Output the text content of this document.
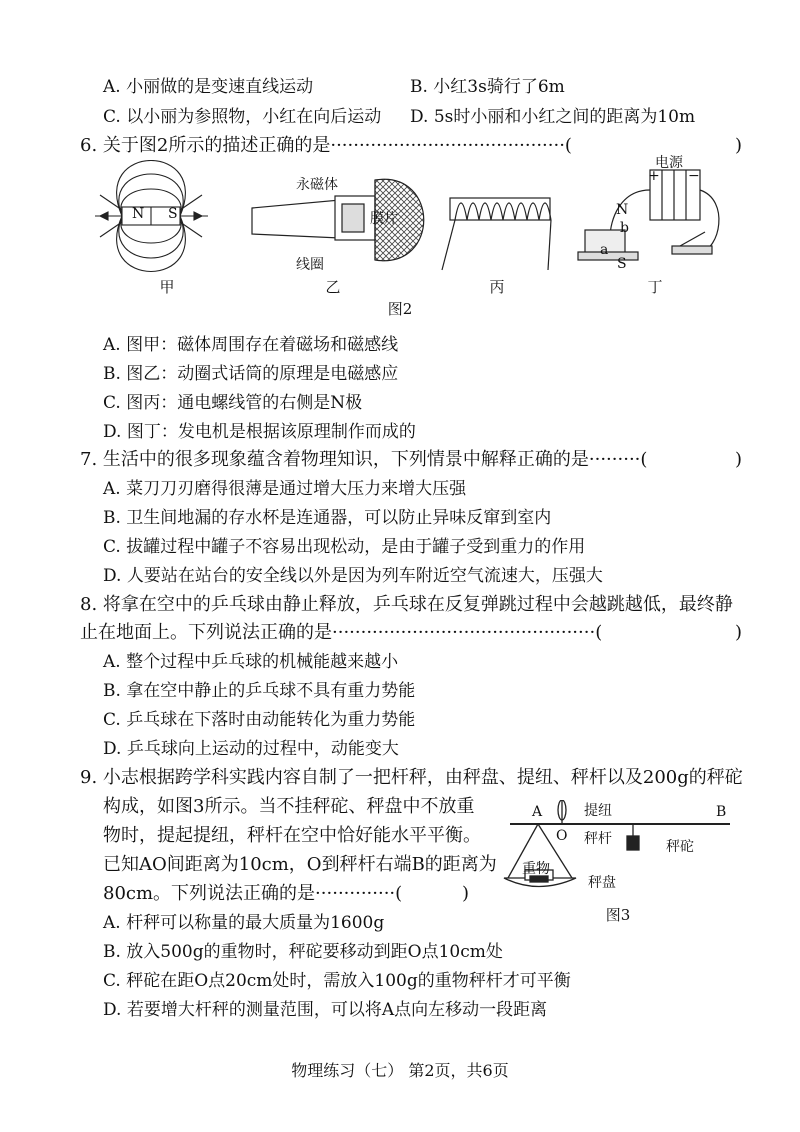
A. 小丽做的是变速直线运动	B. 小红3s骑行了6m
C. 以小丽为参照物，小红在向后运动 D. 5s时小丽和小红之间的距离为10m
6. 关于图2所示的描述正确的是·········································(	)
N S
永磁体
线圈
膜片
电源
+ −
N
S
a
b
甲	乙	丙	丁
图2
A. 图甲：磁体周围存在着磁场和磁感线
B. 图乙：动圈式话筒的原理是电磁感应
C. 图丙：通电螺线管的右侧是N极
D. 图丁：发电机是根据该原理制作而成的
7. 生活中的很多现象蕴含着物理知识，下列情景中解释正确的是·········(	)
A. 菜刀刀刃磨得很薄是通过增大压力来增大压强
B. 卫生间地漏的存水杯是连通器，可以防止异味反窜到室内
C. 拔罐过程中罐子不容易出现松动，是由于罐子受到重力的作用
D. 人要站在站台的安全线以外是因为列车附近空气流速大，压强大
8. 将拿在空中的乒乓球由静止释放，乒乓球在反复弹跳过程中会越跳越低，最终静
止在地面上。下列说法正确的是··············································(	)
A. 整个过程中乒乓球的机械能越来越小
B. 拿在空中静止的乒乓球不具有重力势能
C. 乒乓球在下落时由动能转化为重力势能
D. 乒乓球向上运动的过程中，动能变大
9. 小志根据跨学科实践内容自制了一把杆秤，由秤盘、提纽、秤杆以及200g的秤砣
构成，如图3所示。当不挂秤砣、秤盘中不放重
物时，提起提纽，秤杆在空中恰好能水平平衡。
已知AO间距离为10cm，O到秤杆右端B的距离为
80cm。下列说法正确的是··············(	)
A	B
O
提纽
秤杆	秤砣
重物
秤盘
图3
A. 杆秤可以称量的最大质量为1600g
B. 放入500g的重物时，秤砣要移动到距O点10cm处
C. 秤砣在距O点20cm处时，需放入100g的重物秤杆才可平衡
D. 若要增大杆秤的测量范围，可以将A点向左移动一段距离
物理练习（七） 第2页，共6页
